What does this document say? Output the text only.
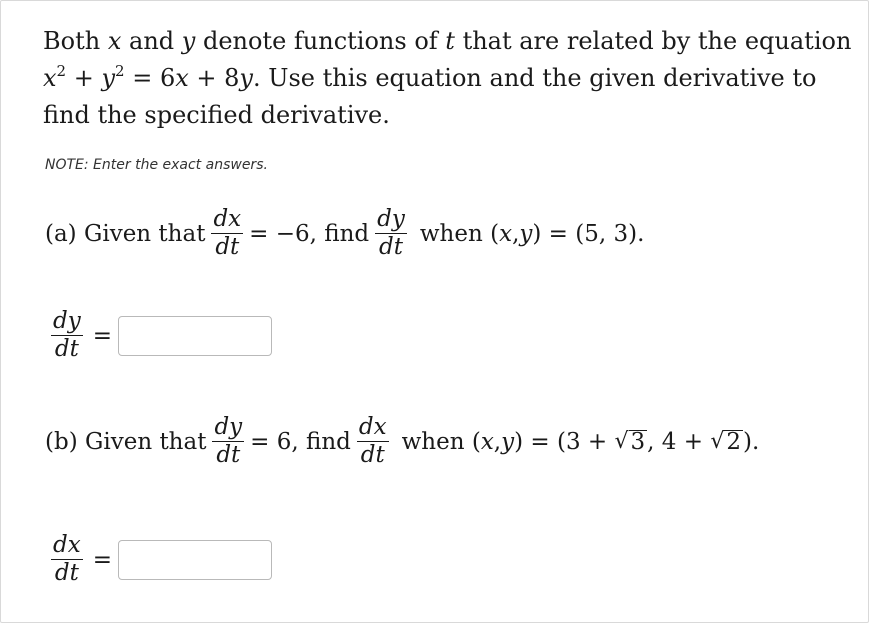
Both x and y denote functions of t that are related by the equation
$x^2 + y^2 = 6x + 8y$. Use this equation and the given derivative to find the specified derivative.
NOTE: Enter the exact answers.
(a) Given that $\frac{dx}{dt} = -6$, find $\frac{dy}{dt}$ when ( x , y ) = (5, 3).
$\frac{dy}{dt}$ =
(b) Given that $\frac{dy}{dt} = 6$, find $\frac{dx}{dt}$ when ( x , y ) = (3 + √ 3 , 4 + √ 2 ).
$\frac{dx}{dt}$ =
